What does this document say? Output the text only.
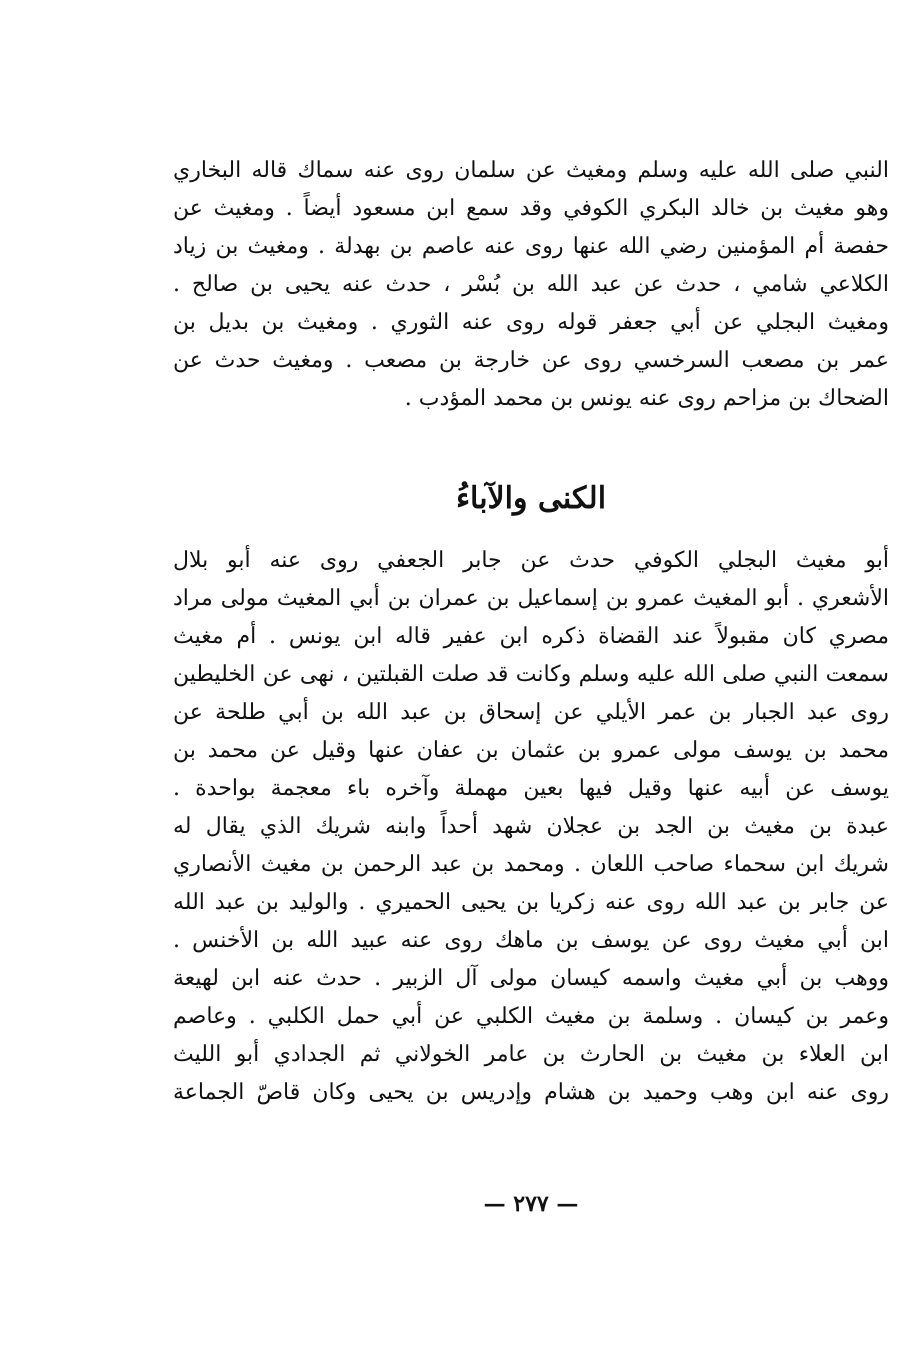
النبي صلى الله عليه وسلم ومغيث عن سلمان روى عنه سماك قاله البخاري
وهو مغيث بن خالد البكري الكوفي وقد سمع ابن مسعود أيضاً . ومغيث عن
حفصة أم المؤمنين رضي الله عنها روى عنه عاصم بن بهدلة . ومغيث بن زياد
الكلاعي شامي ، حدث عن عبد الله بن بُسْر ، حدث عنه يحيى بن صالح .
ومغيث البجلي عن أبي جعفر قوله روى عنه الثوري . ومغيث بن بديل بن
عمر بن مصعب السرخسي روى عن خارجة بن مصعب . ومغيث حدث عن
الضحاك بن مزاحم روى عنه يونس بن محمد المؤدب .
الكنى والآباءُ
أبو مغيث البجلي الكوفي حدث عن جابر الجعفي روى عنه أبو بلال
الأشعري . أبو المغيث عمرو بن إسماعيل بن عمران بن أبي المغيث مولى مراد
مصري كان مقبولاً عند القضاة ذكره ابن عفير قاله ابن يونس . أم مغيث
سمعت النبي صلى الله عليه وسلم وكانت قد صلت القبلتين ، نهى عن الخليطين
روى عبد الجبار بن عمر الأيلي عن إسحاق بن عبد الله بن أبي طلحة عن
محمد بن يوسف مولى عمرو بن عثمان بن عفان عنها وقيل عن محمد بن
يوسف عن أبيه عنها وقيل فيها بعين مهملة وآخره باء معجمة بواحدة .
عبدة بن مغيث بن الجد بن عجلان شهد أحداً وابنه شريك الذي يقال له
شريك ابن سحماء صاحب اللعان . ومحمد بن عبد الرحمن بن مغيث الأنصاري
عن جابر بن عبد الله روى عنه زكريا بن يحيى الحميري . والوليد بن عبد الله
ابن أبي مغيث روى عن يوسف بن ماهك روى عنه عبيد الله بن الأخنس .
ووهب بن أبي مغيث واسمه كيسان مولى آل الزبير . حدث عنه ابن لهيعة
وعمر بن كيسان . وسلمة بن مغيث الكلبي عن أبي حمل الكلبي . وعاصم
ابن العلاء بن مغيث بن الحارث بن عامر الخولاني ثم الجدادي أبو الليث
روى عنه ابن وهب وحميد بن هشام وإدريس بن يحيى وكان قاصّ الجماعة
— ٢٧٧ —
